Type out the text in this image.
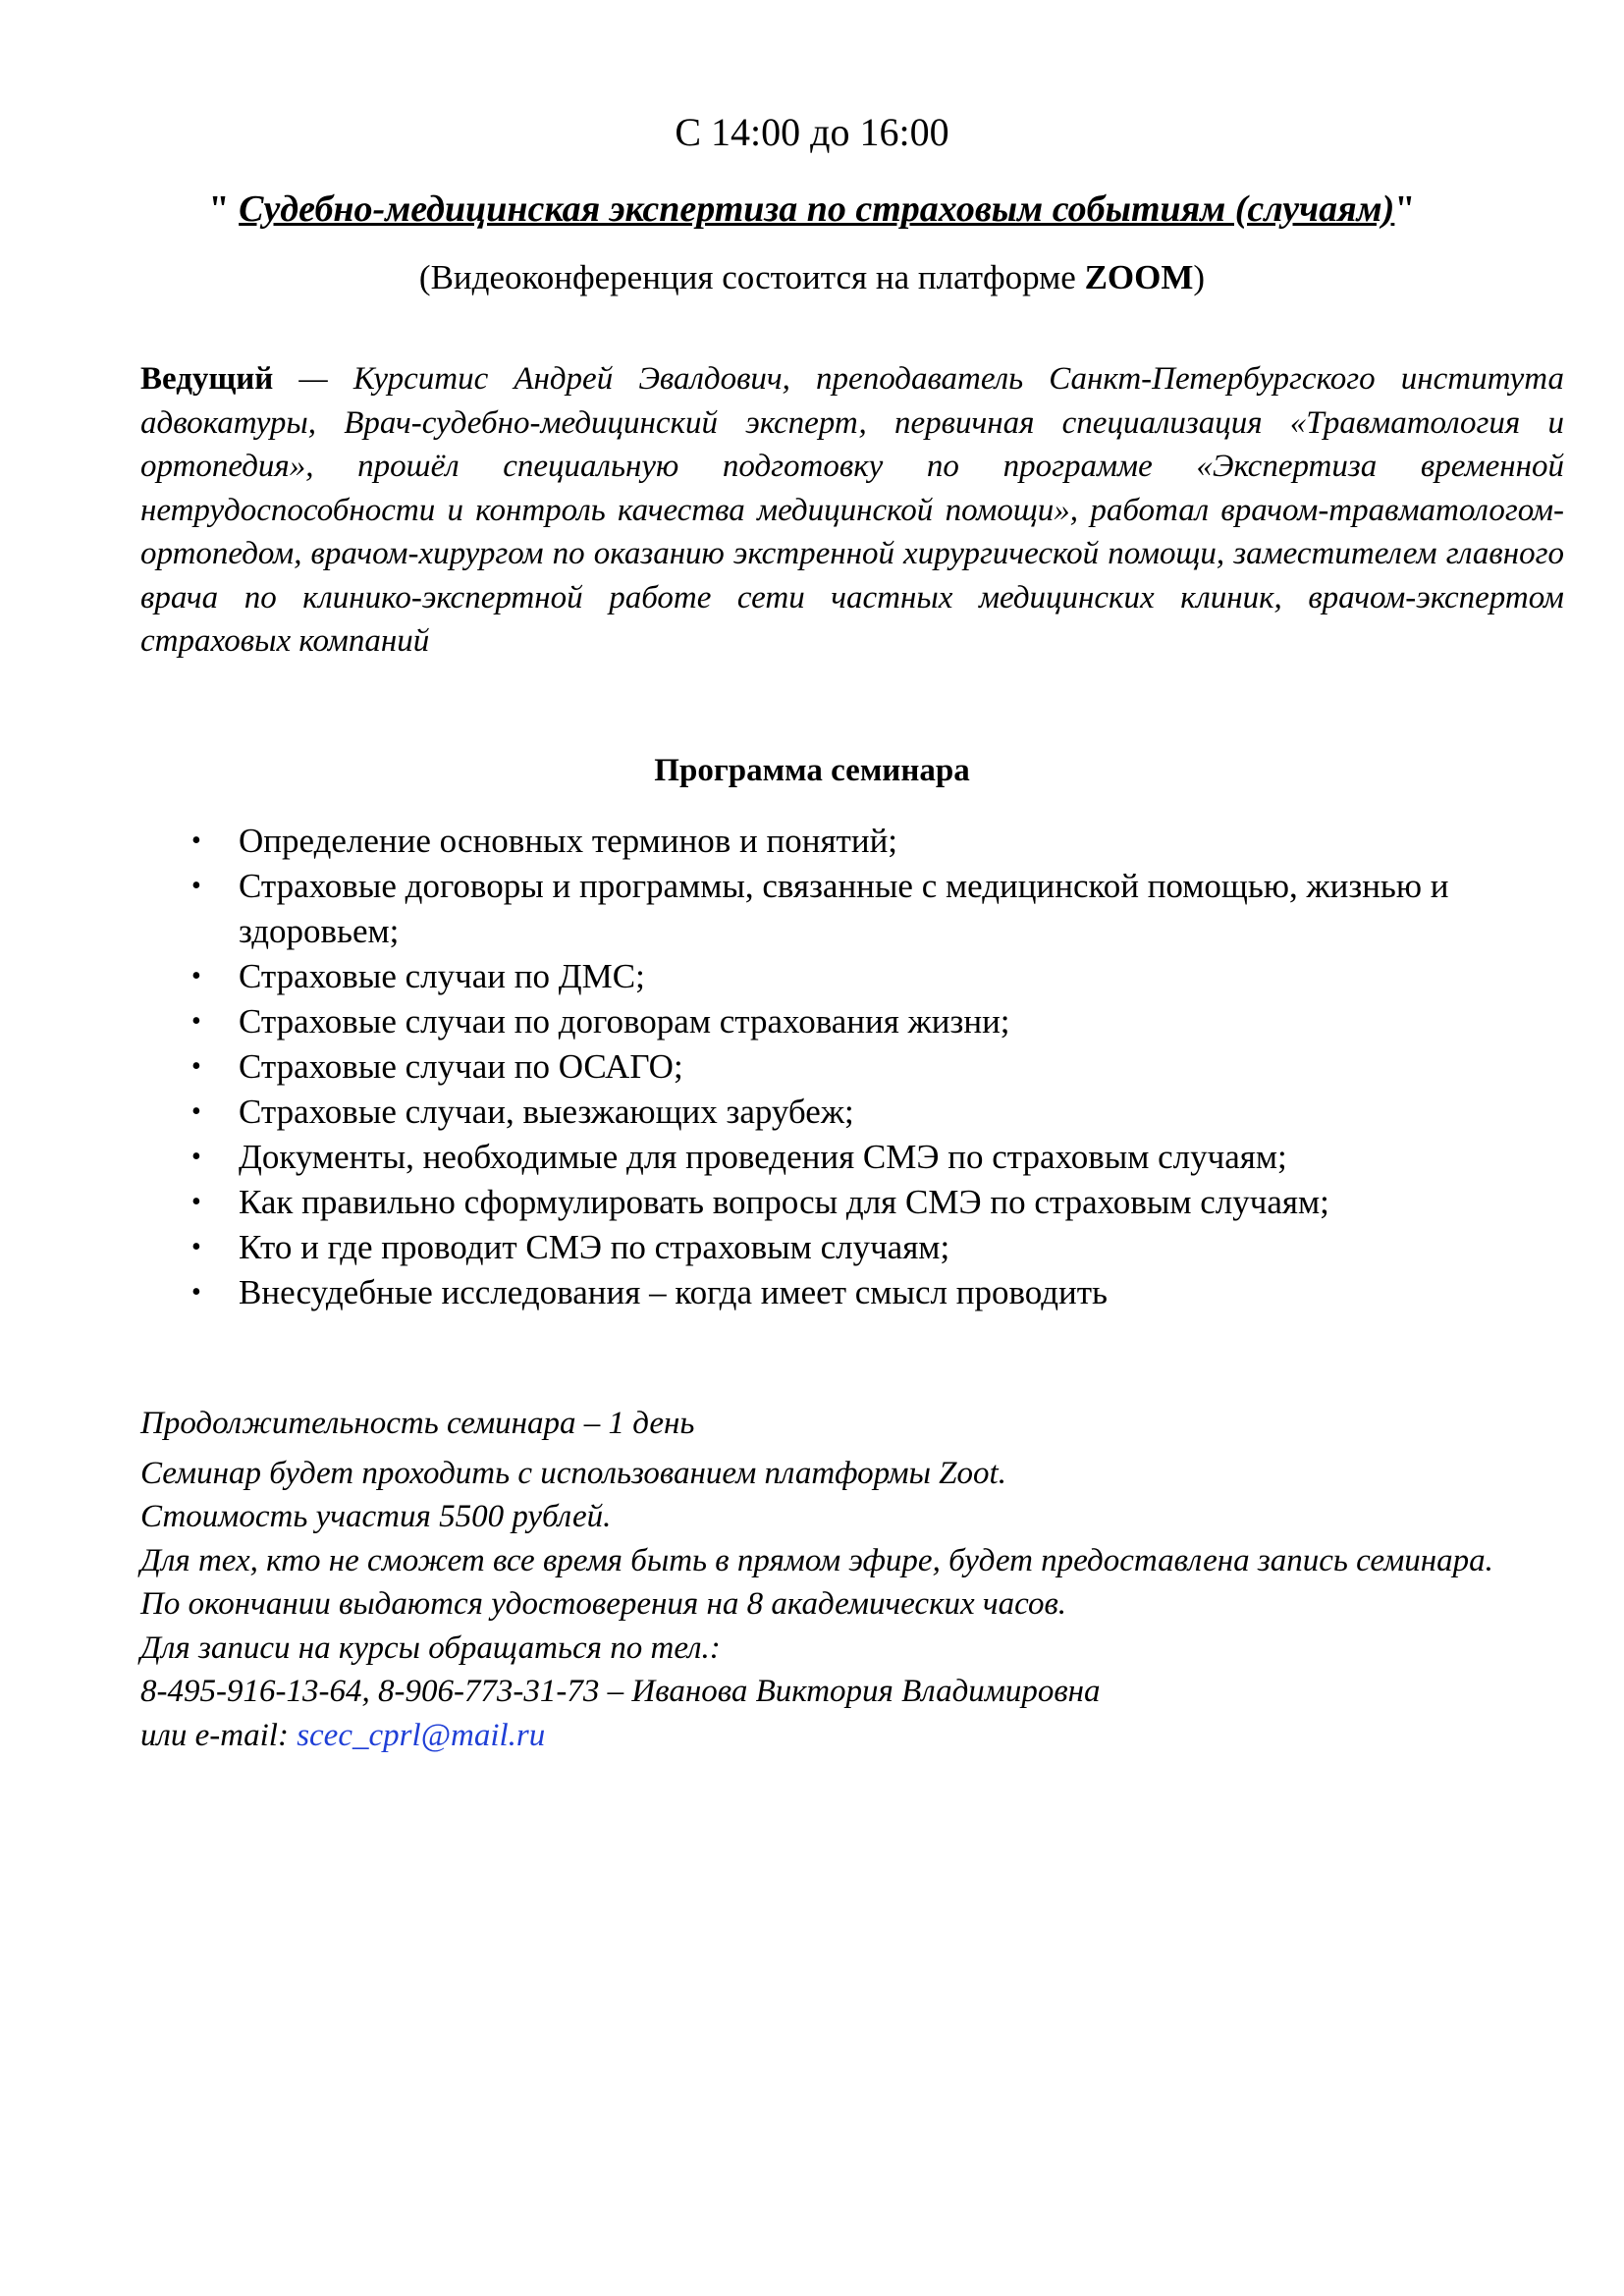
С 14:00 до 16:00
" Судебно-медицинская экспертиза по страховым событиям (случаям)"
(Видеоконференция состоится на платформе ZOOM)
Ведущий — Курситис Андрей Эвалдович, преподаватель Санкт-Петербургского института адвокатуры, Врач-судебно-медицинский эксперт, первичная специализация «Травматология и ортопедия», прошёл специальную подготовку по программе «Экспертиза временной нетрудоспособности и контроль качества медицинской помощи», работал врачом-травматологом-ортопедом, врачом-хирургом по оказанию экстренной хирургической помощи, заместителем главного врача по клинико-экспертной работе сети частных медицинских клиник, врачом-экспертом страховых компаний
Программа семинара
• Определение основных терминов и понятий;
• Страховые договоры и программы, связанные с медицинской помощью, жизнью и здоровьем;
• Страховые случаи по ДМС;
• Страховые случаи по договорам страхования жизни;
• Страховые случаи по ОСАГО;
• Страховые случаи, выезжающих зарубеж;
• Документы, необходимые для проведения СМЭ по страховым случаям;
• Как правильно сформулировать вопросы для СМЭ по страховым случаям;
• Кто и где проводит СМЭ по страховым случаям;
• Внесудебные исследования – когда имеет смысл проводить
Продолжительность семинара – 1 день
Семинар будет проходить с использованием платформы Zoot.
Стоимость участия 5500 рублей.
Для тех, кто не сможет все время быть в прямом эфире, будет предоставлена запись семинара.
По окончании выдаются удостоверения на 8 академических часов.
Для записи на курсы обращаться по тел.:
8-495-916-13-64, 8-906-773-31-73 – Иванова Виктория Владимировна
или e-mail: scec_cprl@mail.ru
